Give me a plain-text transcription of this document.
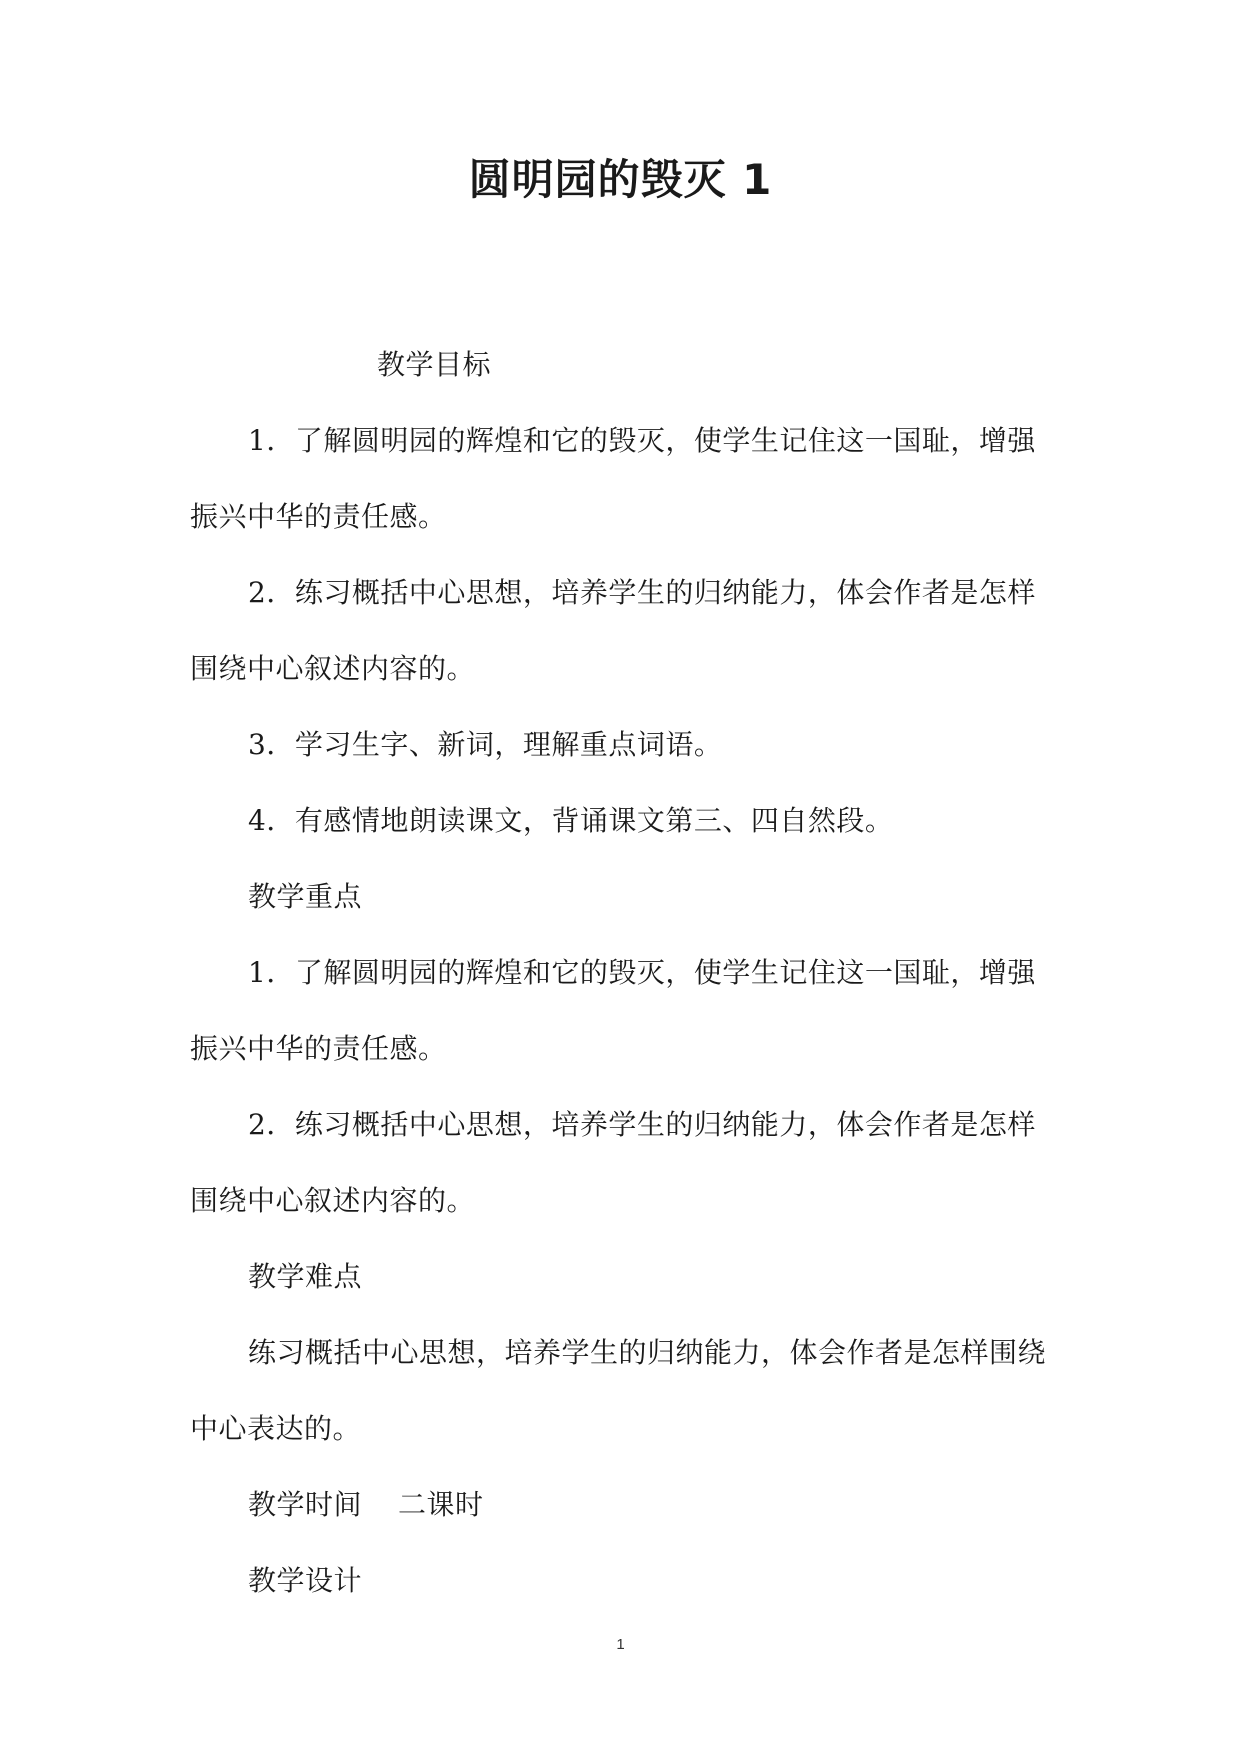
圆明园的毁灭 1

教学目标

1．了解圆明园的辉煌和它的毁灭，使学生记住这一国耻，增强振兴中华的责任感。

2．练习概括中心思想，培养学生的归纳能力，体会作者是怎样围绕中心叙述内容的。

3．学习生字、新词，理解重点词语。

4．有感情地朗读课文，背诵课文第三、四自然段。

教学重点

1．了解圆明园的辉煌和它的毁灭，使学生记住这一国耻，增强振兴中华的责任感。

2．练习概括中心思想，培养学生的归纳能力，体会作者是怎样围绕中心叙述内容的。

教学难点

练习概括中心思想，培养学生的归纳能力，体会作者是怎样围绕中心表达的。

教学时间 二课时

教学设计

1
